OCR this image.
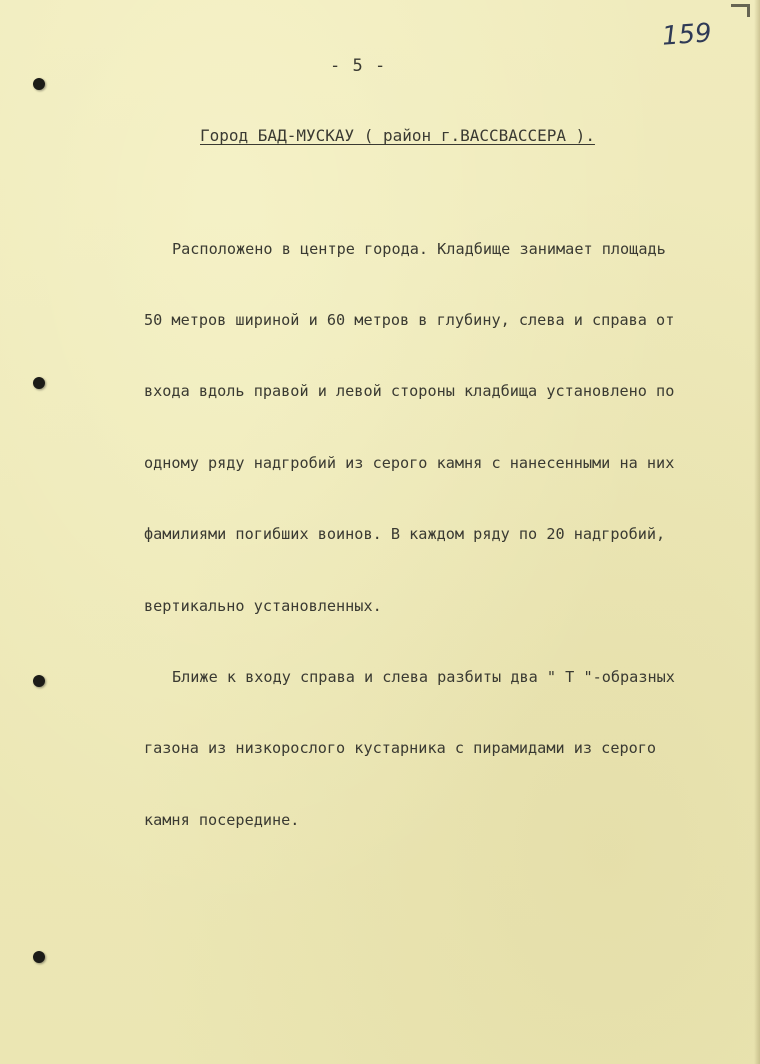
159
- 5 -
Город БАД-МУСКАУ ( район г.ВАССВАССЕРА ).

Расположено в центре города. Кладбище занимает площадь

50 метров шириной и 60 метров в глубину, слева и справа от

входа вдоль правой и левой стороны кладбища установлено по

одному ряду надгробий из серого камня с нанесенными на них

фамилиями погибших воинов. В каждом ряду по 20 надгробий,

вертикально установленных.

Ближе к входу справа и слева разбиты два " Т "-образных

газона из низкорослого кустарника с пирамидами из серого

камня посередине.
